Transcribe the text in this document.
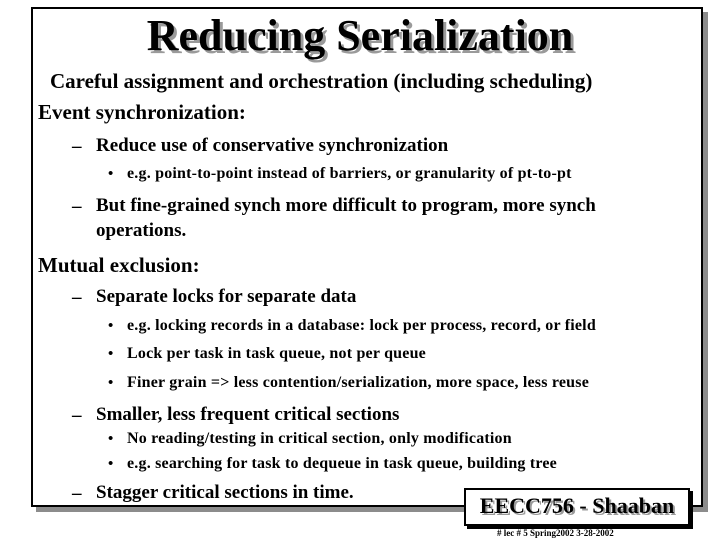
Reducing Serialization
Careful assignment and orchestration (including scheduling)
Event synchronization:
– Reduce use of conservative synchronization
• e.g. point-to-point instead of barriers, or granularity of pt-to-pt
– But fine-grained synch more difficult to program, more synch
operations.
Mutual exclusion:
– Separate locks for separate data
• e.g. locking records in a database: lock per process, record, or field
• Lock per task in task queue, not per queue
• Finer grain => less contention/serialization, more space, less reuse
– Smaller, less frequent critical sections
• No reading/testing in critical section, only modification
• e.g. searching for task to dequeue in task queue, building tree
– Stagger critical sections in time.
EECC756 - Shaaban
# lec # 5 Spring2002 3-28-2002
